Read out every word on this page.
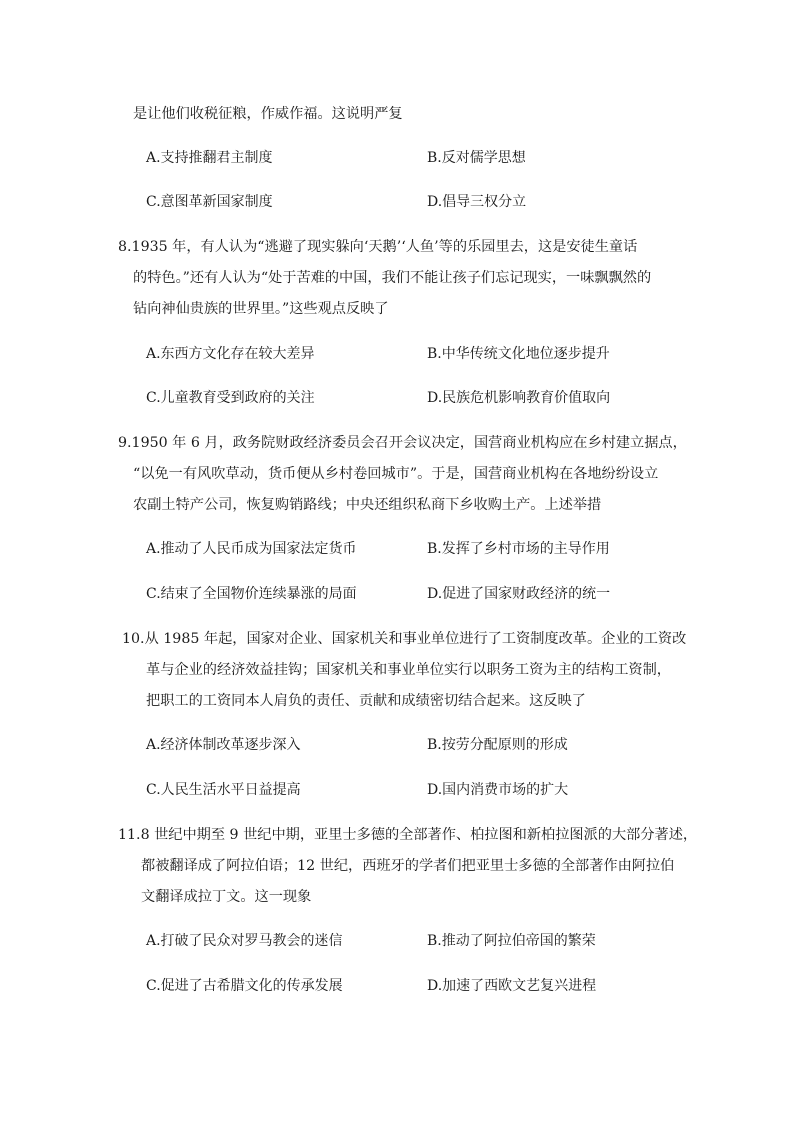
是让他们收税征粮，作威作福。这说明严复
A.支持推翻君主制度	B.反对儒学思想
C.意图革新国家制度	D.倡导三权分立
8.1935 年，有人认为“逃避了现实躲向‘天鹅’‘人鱼’等的乐园里去，这是安徒生童话
的特色。”还有人认为“处于苦难的中国，我们不能让孩子们忘记现实，一味飘飘然的
钻向神仙贵族的世界里。”这些观点反映了
A.东西方文化存在较大差异	B.中华传统文化地位逐步提升
C.儿童教育受到政府的关注	D.民族危机影响教育价值取向
9.1950 年 6 月，政务院财政经济委员会召开会议决定，国营商业机构应在乡村建立据点，
“以免一有风吹草动，货币便从乡村卷回城市”。于是，国营商业机构在各地纷纷设立
农副土特产公司，恢复购销路线；中央还组织私商下乡收购土产。上述举措
A.推动了人民币成为国家法定货币	B.发挥了乡村市场的主导作用
C.结束了全国物价连续暴涨的局面	D.促进了国家财政经济的统一
10.从 1985 年起，国家对企业、国家机关和事业单位进行了工资制度改革。企业的工资改
革与企业的经济效益挂钩；国家机关和事业单位实行以职务工资为主的结构工资制，
把职工的工资同本人肩负的责任、贡献和成绩密切结合起来。这反映了
A.经济体制改革逐步深入	B.按劳分配原则的形成
C.人民生活水平日益提高	D.国内消费市场的扩大
11.8 世纪中期至 9 世纪中期，亚里士多德的全部著作、柏拉图和新柏拉图派的大部分著述，
都被翻译成了阿拉伯语；12 世纪，西班牙的学者们把亚里士多德的全部著作由阿拉伯
文翻译成拉丁文。这一现象
A.打破了民众对罗马教会的迷信	B.推动了阿拉伯帝国的繁荣
C.促进了古希腊文化的传承发展	D.加速了西欧文艺复兴进程
